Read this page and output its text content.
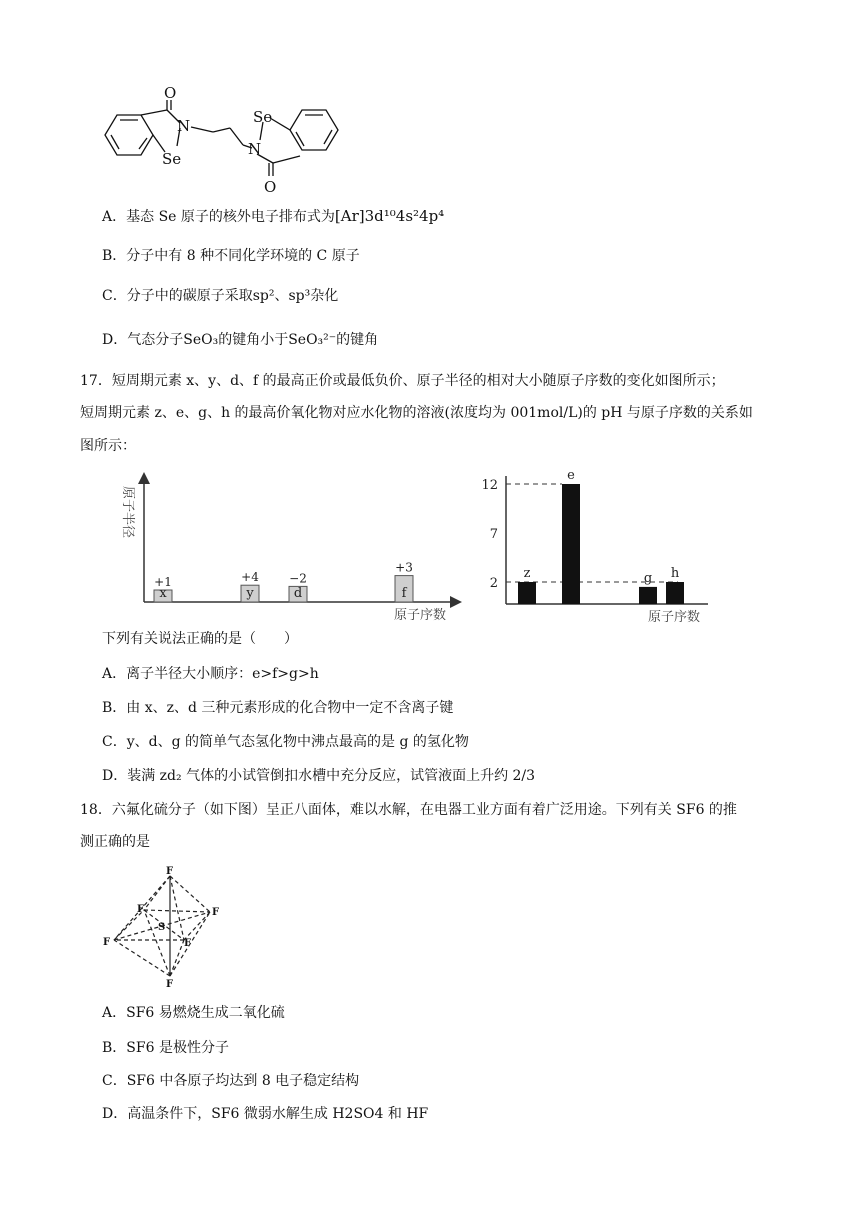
O
N
Se
Se
N
O
A．基态 Se 原子的核外电子排布式为[Ar]3d¹⁰4s²4p⁴
B．分子中有 8 种不同化学环境的 C 原子
C．分子中的碳原子采取sp²、sp³杂化
D．气态分子SeO₃的键角小于SeO₃²⁻的键角
17．短周期元素 x、y、d、f 的最高正价或最低负价、原子半径的相对大小随原子序数的变化如图所示；
短周期元素 z、e、g、h 的最高价氧化物对应水化物的溶液(浓度均为 001mol/L)的 pH 与原子序数的关系如
图所示：
原子半径
原子序数
x
+1
y
+4
d
−2
f
+3
原子序数
2
7
12
z
e
g h
下列有关说法正确的是（　　）
A．离子半径大小顺序：e>f>g>h
B．由 x、z、d 三种元素形成的化合物中一定不含离子键
C．y、d、g 的简单气态氢化物中沸点最高的是 g 的氢化物
D．装满 zd₂ 气体的小试管倒扣水槽中充分反应，试管液面上升约 2/3
18．六氟化硫分子（如下图）呈正八面体，难以水解，在电器工业方面有着广泛用途。下列有关 SF6 的推
测正确的是
F
F	F
S
F
F
F
A．SF6 易燃烧生成二氧化硫
B．SF6 是极性分子
C．SF6 中各原子均达到 8 电子稳定结构
D．高温条件下，SF6 微弱水解生成 H2SO4 和 HF
